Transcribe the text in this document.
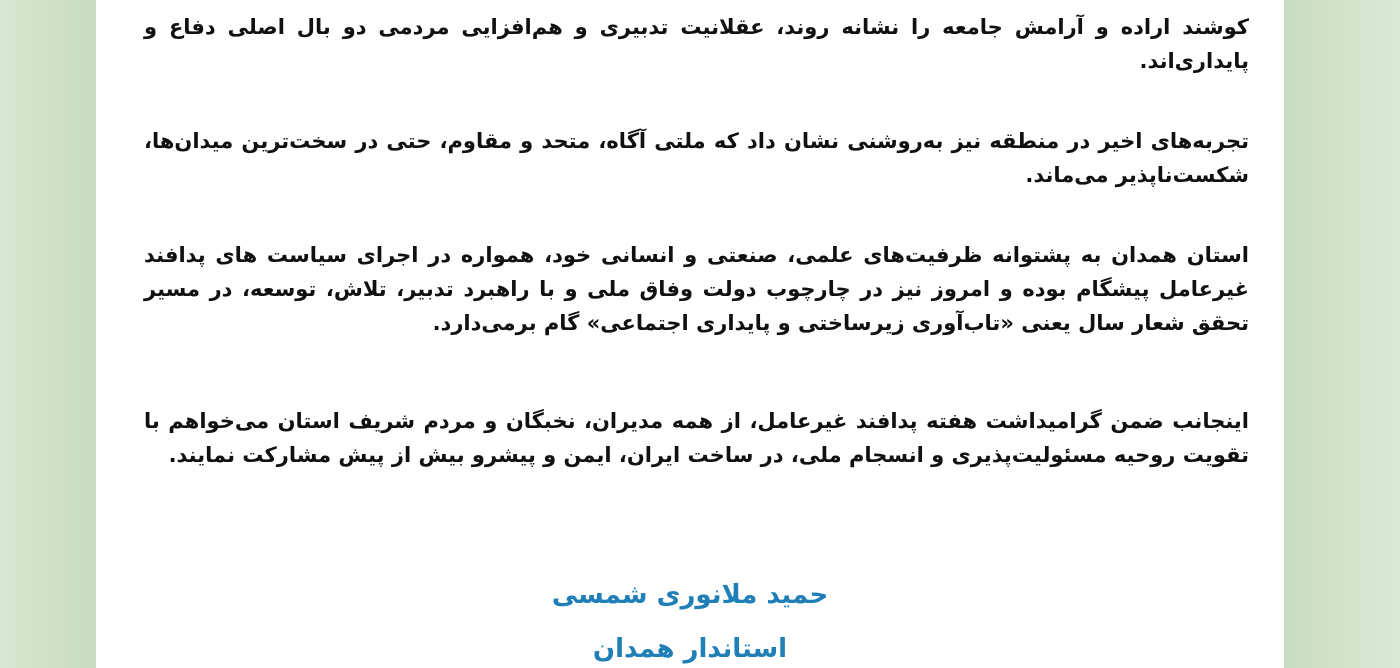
کوشند اراده و آرامش جامعه را نشانه روند، عقلانیت تدبیری و هم‌افزایی مردمی دو بال اصلی دفاع و پایداری‌اند.

تجربه‌های اخیر در منطقه نیز به‌روشنی نشان داد که ملتی آگاه، متحد و مقاوم، حتی در سخت‌ترین میدان‌ها، شکست‌ناپذیر می‌ماند.

استان همدان به پشتوانه ظرفیت‌های علمی، صنعتی و انسانی خود، همواره در اجرای سیاست های پدافند غیرعامل پیشگام بوده و امروز نیز در چارچوب دولت وفاق ملی و با راهبرد تدبیر، تلاش، توسعه، در مسیر تحقق شعار سال یعنی «تاب‌آوری زیرساختی و پایداری اجتماعی» گام برمی‌دارد.

اینجانب ضمن گرامیداشت هفته پدافند غیرعامل، از همه مدیران، نخبگان و مردم شریف استان می‌خواهم با تقویت روحیه مسئولیت‌پذیری و انسجام ملی، در ساخت ایران، ایمن و پیشرو بیش از پیش مشارکت نمایند.

حمید ملانوری شمسی
استاندار همدان
